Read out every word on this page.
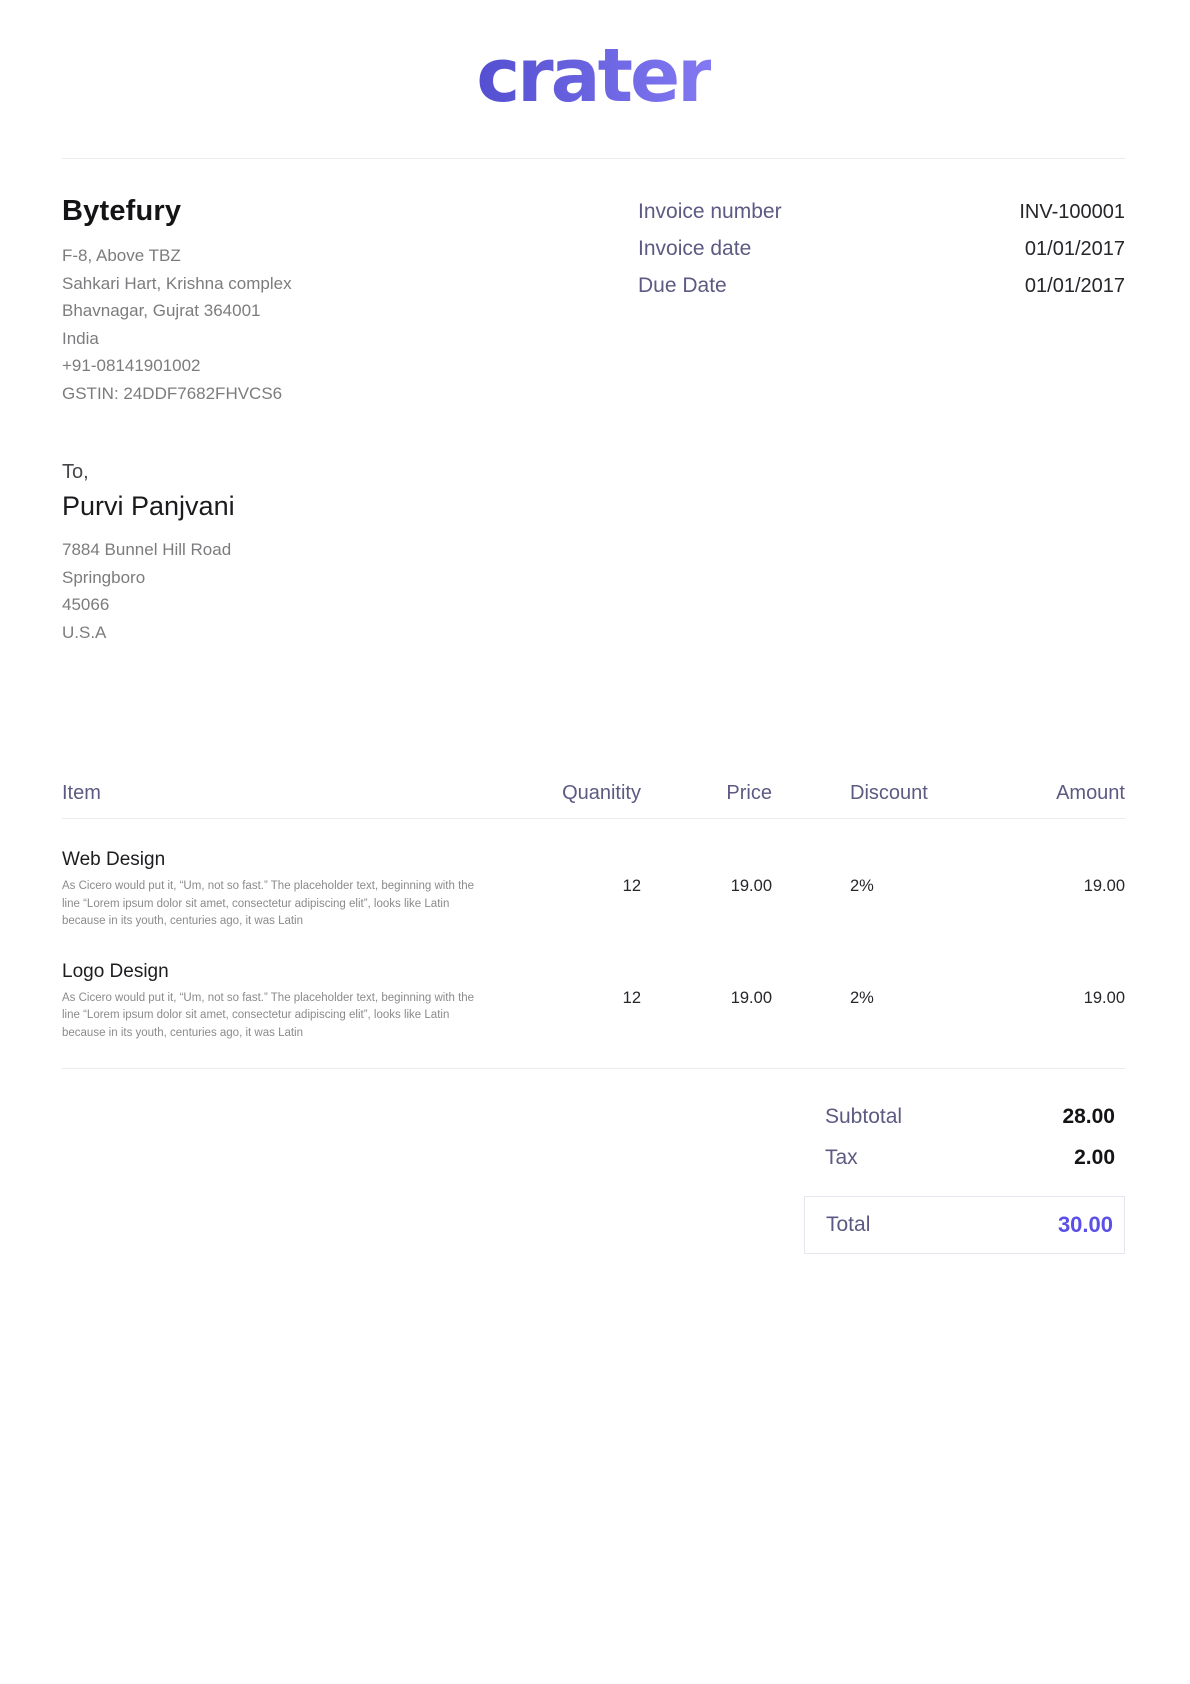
crater
Bytefury
F-8, Above TBZ
Sahkari Hart, Krishna complex
Bhavnagar, Gujrat 364001
India
+91-08141901002
GSTIN: 24DDF7682FHVCS6
Invoice number	INV-100001
Invoice date	01/01/2017
Due Date	01/01/2017
To,
Purvi Panjvani
7884 Bunnel Hill Road
Springboro
45066
U.S.A
Item	Quanitity	Price	Discount	Amount
Web Design
As Cicero would put it, “Um, not so fast.” The placeholder text, beginning with the line “Lorem ipsum dolor sit amet, consectetur adipiscing elit”, looks like Latin because in its youth, centuries ago, it was Latin
12	19.00	2%	19.00
Logo Design
As Cicero would put it, “Um, not so fast.” The placeholder text, beginning with the line “Lorem ipsum dolor sit amet, consectetur adipiscing elit”, looks like Latin because in its youth, centuries ago, it was Latin
12	19.00	2%	19.00
Subtotal	28.00
Tax	2.00
Total	30.00
